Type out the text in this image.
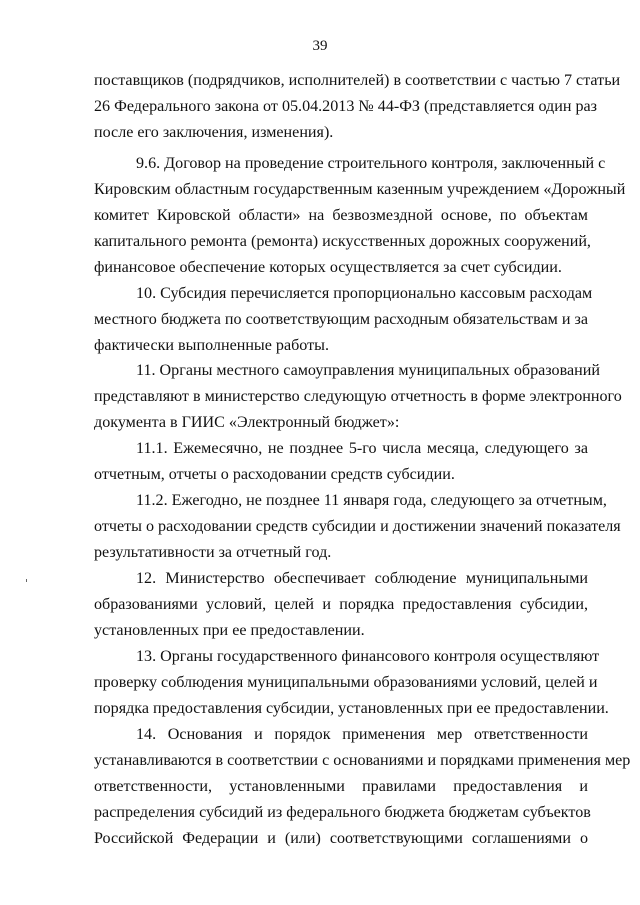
39
поставщиков (подрядчиков, исполнителей) в соответствии с частью 7 статьи
26 Федерального закона от 05.04.2013 № 44-ФЗ (представляется один раз
после его заключения, изменения).
9.6. Договор на проведение строительного контроля, заключенный с
Кировским областным государственным казенным учреждением «Дорожный
комитет Кировской области» на безвозмездной основе, по объектам
капитального ремонта (ремонта) искусственных дорожных сооружений,
финансовое обеспечение которых осуществляется за счет субсидии.
10. Субсидия перечисляется пропорционально кассовым расходам
местного бюджета по соответствующим расходным обязательствам и за
фактически выполненные работы.
11. Органы местного самоуправления муниципальных образований
представляют в министерство следующую отчетность в форме электронного
документа в ГИИС «Электронный бюджет»:
11.1. Ежемесячно, не позднее 5-го числа месяца, следующего за
отчетным, отчеты о расходовании средств субсидии.
11.2. Ежегодно, не позднее 11 января года, следующего за отчетным,
отчеты о расходовании средств субсидии и достижении значений показателя
результативности за отчетный год.
12. Министерство обеспечивает соблюдение муниципальными
образованиями условий, целей и порядка предоставления субсидии,
установленных при ее предоставлении.
13. Органы государственного финансового контроля осуществляют
проверку соблюдения муниципальными образованиями условий, целей и
порядка предоставления субсидии, установленных при ее предоставлении.
14. Основания и порядок применения мер ответственности
устанавливаются в соответствии с основаниями и порядками применения мер
ответственности, установленными правилами предоставления и
распределения субсидий из федерального бюджета бюджетам субъектов
Российской Федерации и (или) соответствующими соглашениями о
